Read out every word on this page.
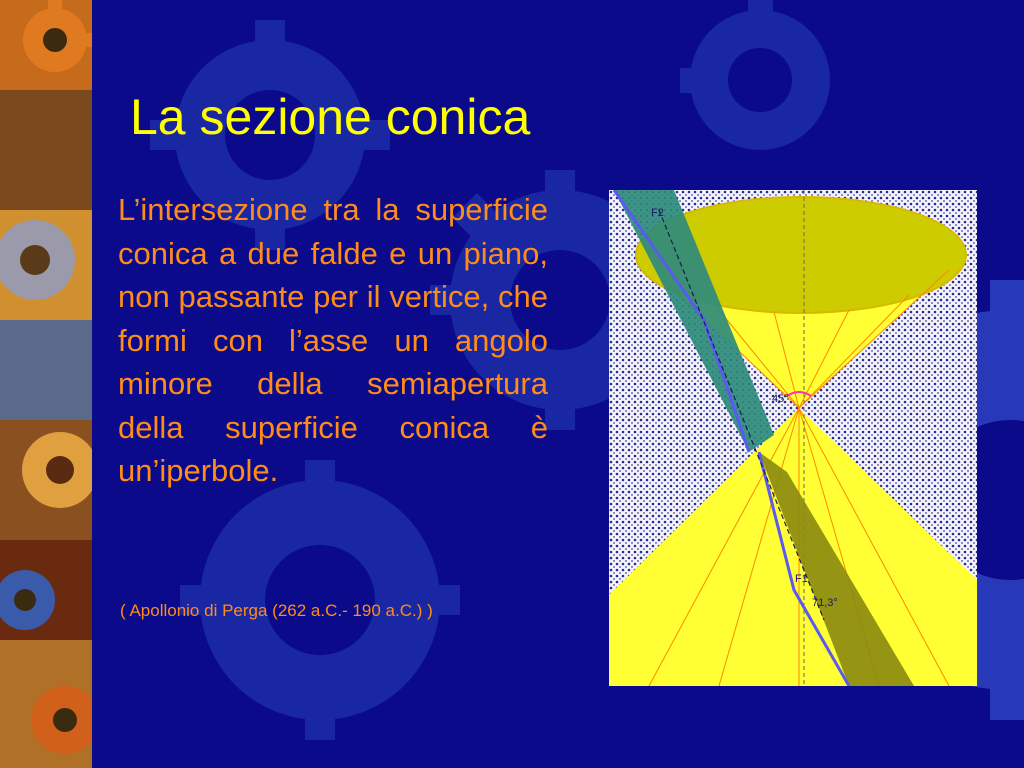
La sezione conica

L’intersezione tra la superficie conica a due falde e un piano, non passante per il vertice, che formi con l’asse un angolo minore della semiapertura della superficie conica è un’iperbole.

( Apollonio di Perga (262 a.C.- 190 a.C.) )

F2
F1
45°
71,3°
